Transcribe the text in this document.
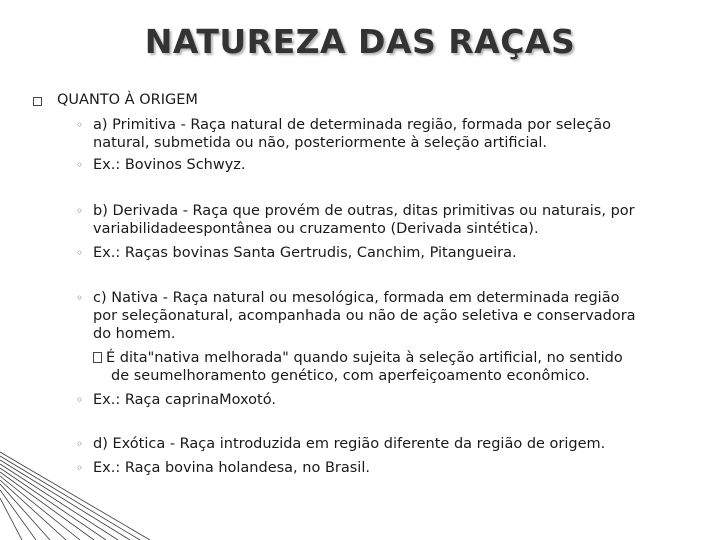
NATUREZA DAS RAÇAS
QUANTO À ORIGEM
◦ a) Primitiva - Raça natural de determinada região, formada por seleção
natural, submetida ou não, posteriormente à seleção artificial.
◦ Ex.: Bovinos Schwyz.
◦ b) Derivada - Raça que provém de outras, ditas primitivas ou naturais, por
variabilidadeespontânea ou cruzamento (Derivada sintética).
◦ Ex.: Raças bovinas Santa Gertrudis, Canchim, Pitangueira.
◦ c) Nativa - Raça natural ou mesológica, formada em determinada região
por seleçãonatural, acompanhada ou não de ação seletiva e conservadora
do homem.
É dita"nativa melhorada" quando sujeita à seleção artificial, no sentido
de seumelhoramento genético, com aperfeiçoamento econômico.
◦ Ex.: Raça caprinaMoxotó.
◦ d) Exótica - Raça introduzida em região diferente da região de origem.
◦ Ex.: Raça bovina holandesa, no Brasil.
